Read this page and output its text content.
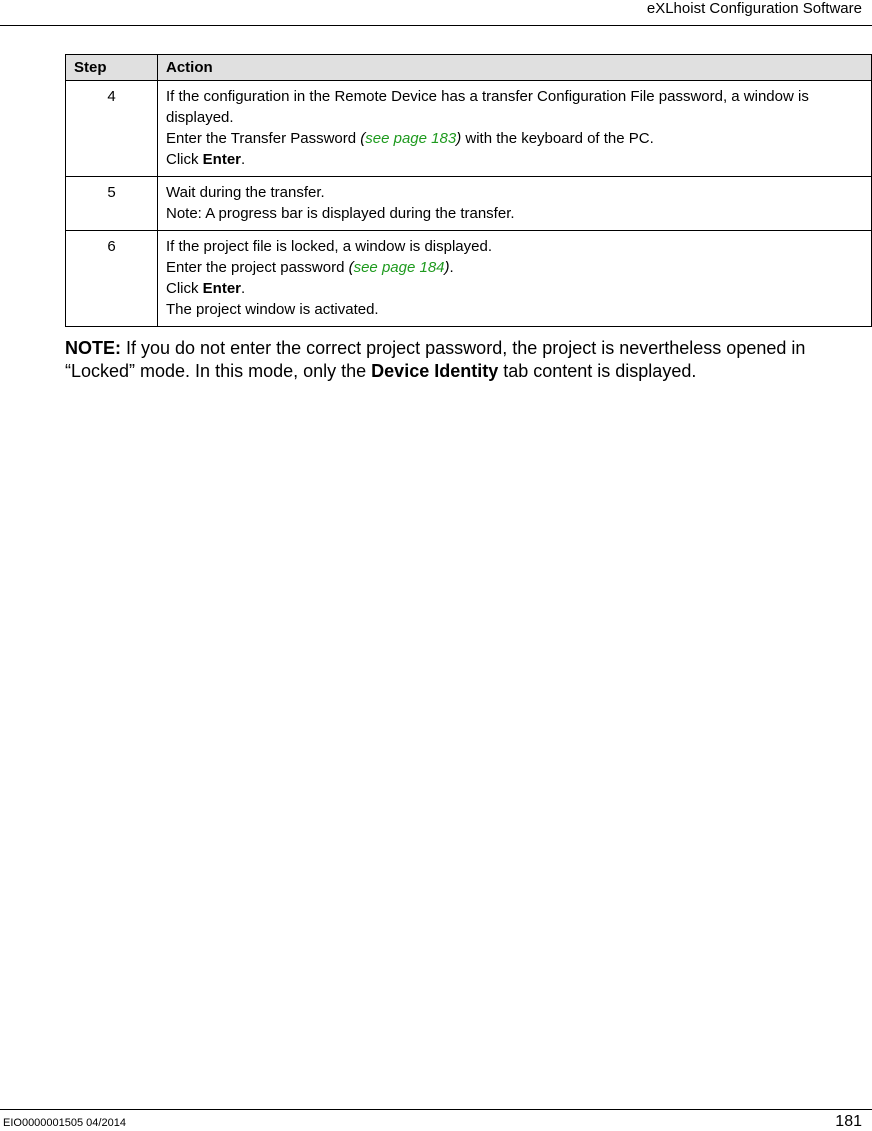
eXLhoist Configuration Software
Step	Action
4	If the configuration in the Remote Device has a transfer Configuration File password, a window is displayed.
Enter the Transfer Password (see page 183) with the keyboard of the PC.
Click Enter.

5	Wait during the transfer.
Note: A progress bar is displayed during the transfer.

6	If the project file is locked, a window is displayed.
Enter the project password (see page 184).
Click Enter.
The project window is activated.
NOTE: If you do not enter the correct project password, the project is nevertheless opened in “Locked” mode. In this mode, only the Device Identity tab content is displayed.
EIO0000001505 04/2014	181
